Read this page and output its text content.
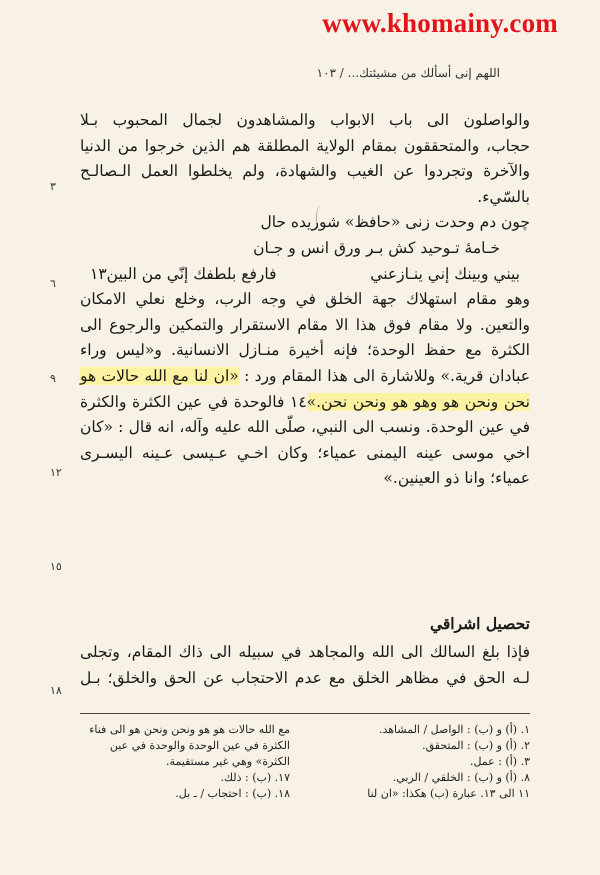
www.khomainy.com
اللهم إنى أسألك من مشيئتك... / ١٠٣
والواصلون الى باب الابواب والمشاهدون لجمال المحبوب بـلا
حجاب، والمتحققون بمقام الولاية المطلقة هم الذين خرجوا من الدنيا
والآخرة وتجردوا عن الغيب والشهادة، ولم يخلطوا العمل الـصالـح
بالسّيء.
چون دم وحدت زنى «حافظ» شوريده حال
خـامۀ تـوحيد كش بـر ورق انس و جـان
بيني وبينك إني ينـازعني
فارفع بلطفك إنّي من البين١٣
وهو مقام استهلاك جهة الخلق في وجه الرب، وخلع نعلي الامكان
والتعين. ولا مقام فوق هذا الا مقام الاستقرار والتمكين والرجوع الى
الكثرة مع حفظ الوحدة؛ فإنه أخيرة منـازل الانسانية. و«ليس وراء
عبادان قرية.» وللاشارة الى هذا المقام ورد : «ان لنا مع الله حالات هو
نحن ونحن هو وهو هو ونحن نحن.»١٤ فالوحدة في عين الكثرة والكثرة
في عين الوحدة. ونسب الى النبي، صلّى الله عليه وآله، انه قال : «كان
اخي موسى عينه اليمنى عمياء؛ وكان اخـي عـيسى عـينه اليسـرى
عمياء؛ وانا ذو العينين.»
٣
٦
٩
١٢
١٥
١٨
تحصيل اشراقي
فإذا بلغ السالك الى الله والمجاهد في سبيله الى ذاك المقام، وتجلى
لـه الحق في مظاهر الخلق مع عدم الاحتجاب عن الحق والخلق؛ بـل
١. (أ) و (ب) : الواصل / المشاهد.
٢. (أ) و (ب) : المتحقق.
٣. (أ) : عمل.
٨. (أ) و (ب) : الخلقي / الربي.
١١ الى ١٣. عبارة (ب) هكذا: «ان لنا
مع الله حالات هو هو ونحن ونحن هو الى فناء الكثرة في عين الوحدة والوحدة في عين الكثرة» وهي غير مستقيمة.
١٧. (ب) : ذلك.
١٨. (ب) : احتجاب / ـ بل.
